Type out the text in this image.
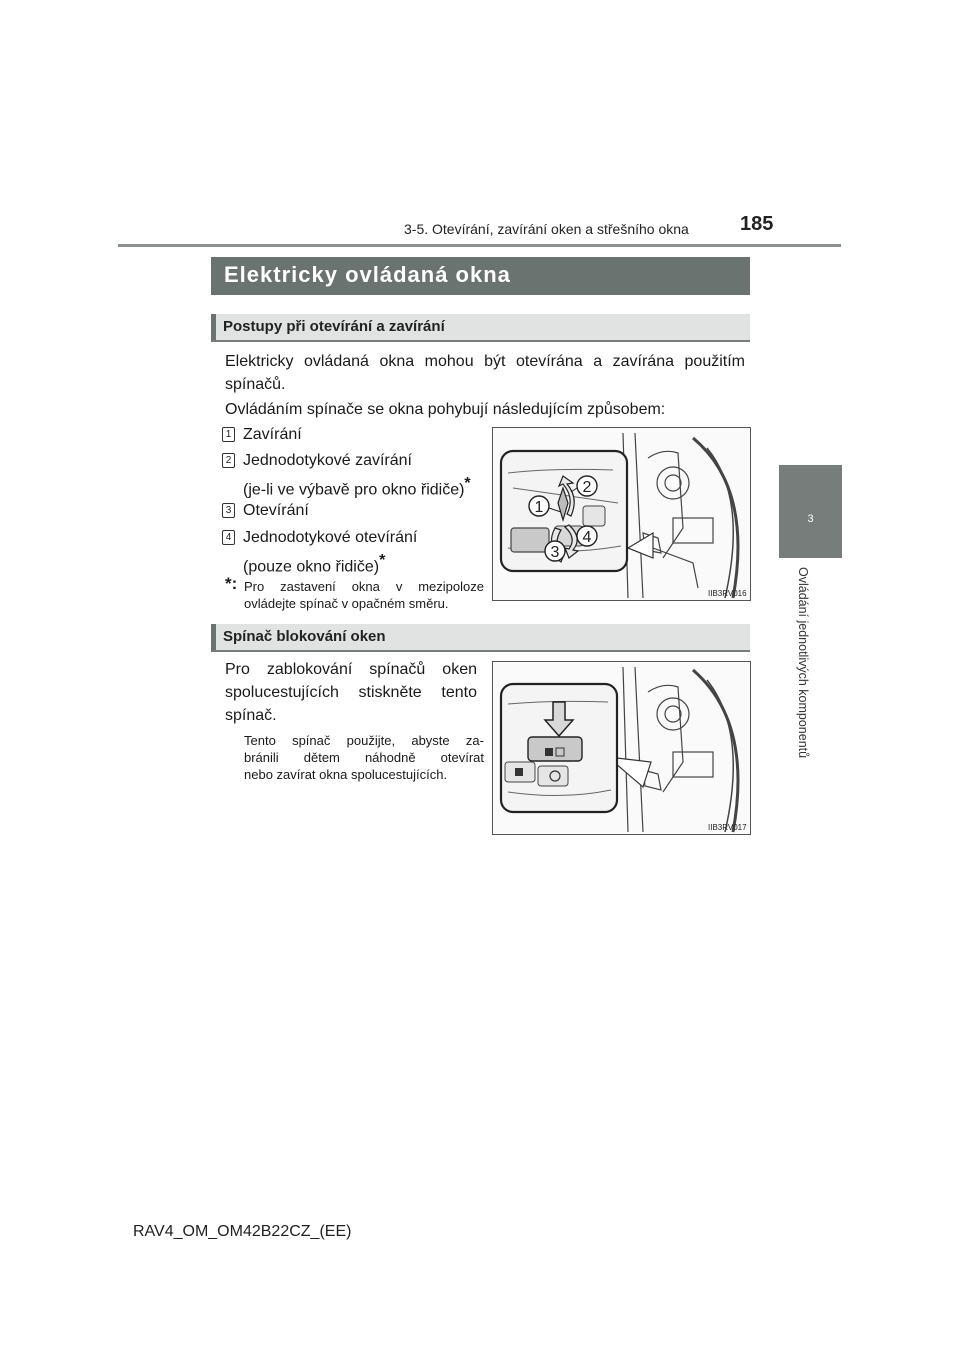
3-5. Otevírání, zavírání oken a střešního okna	185
3
Ovládání jednotlivých komponentů
Elektricky ovládaná okna
Postupy při otevírání a zavírání
Elektricky ovládaná okna mohou být otevírána a zavírána použitím
spínačů.
Ovládáním spínače se okna pohybují následujícím způsobem:
1 Zavírání
2 Jednodotykové zavírání
(je-li ve výbavě pro okno řidiče)*
3 Otevírání
4 Jednodotykové otevírání
(pouze okno řidiče)*
*: Pro zastavení okna v mezipoloze
ovládejte spínač v opačném směru.
1
2
3
4
IIB3RV016
Spínač blokování oken
Pro zablokování spínačů oken
spolucestujících stiskněte tento
spínač.
Tento spínač použijte, abyste za-
bránili dětem náhodně otevírat
nebo zavírat okna spolucestujících.
IIB3RV017
RAV4_OM_OM42B22CZ_(EE)
